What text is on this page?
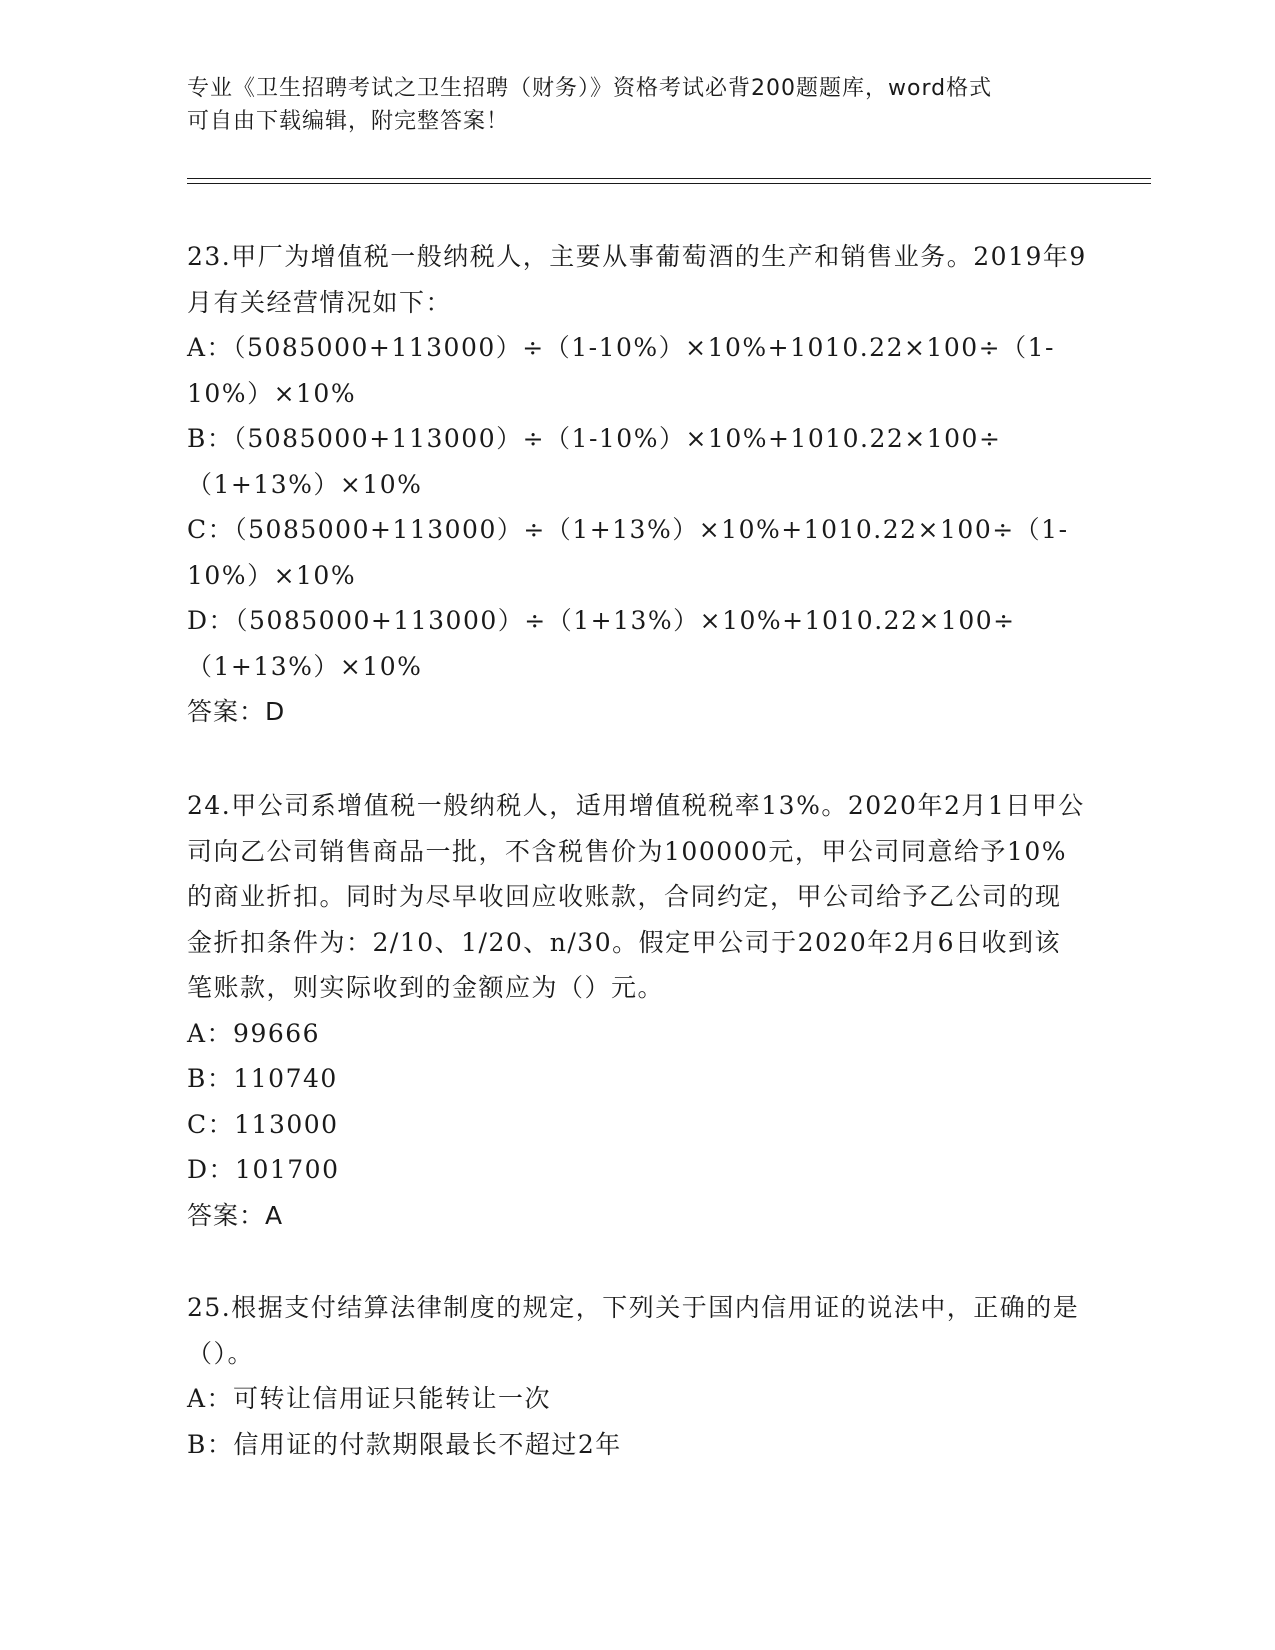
专业《卫生招聘考试之卫生招聘（财务）》资格考试必背200题题库，word格式
可自由下载编辑，附完整答案！

23.甲厂为增值税一般纳税人，主要从事葡萄酒的生产和销售业务。2019年9月有关经营情况如下：

A：（5085000+113000）÷（1-10%）×10%+1010.22×100÷（1-10%）×10%

B：（5085000+113000）÷（1-10%）×10%+1010.22×100÷（1+13%）×10%

C：（5085000+113000）÷（1+13%）×10%+1010.22×100÷（1-10%）×10%

D：（5085000+113000）÷（1+13%）×10%+1010.22×100÷（1+13%）×10%

答案：D

24.甲公司系增值税一般纳税人，适用增值税税率13%。2020年2月1日甲公司向乙公司销售商品一批，不含税售价为100000元，甲公司同意给予10%的商业折扣。同时为尽早收回应收账款，合同约定，甲公司给予乙公司的现金折扣条件为：2/10、1/20、n/30。假定甲公司于2020年2月6日收到该笔账款，则实际收到的金额应为（）元。

A：99666

B：110740

C：113000

D：101700

答案：A

25.根据支付结算法律制度的规定，下列关于国内信用证的说法中，正确的是（）。

A：可转让信用证只能转让一次

B：信用证的付款期限最长不超过2年
